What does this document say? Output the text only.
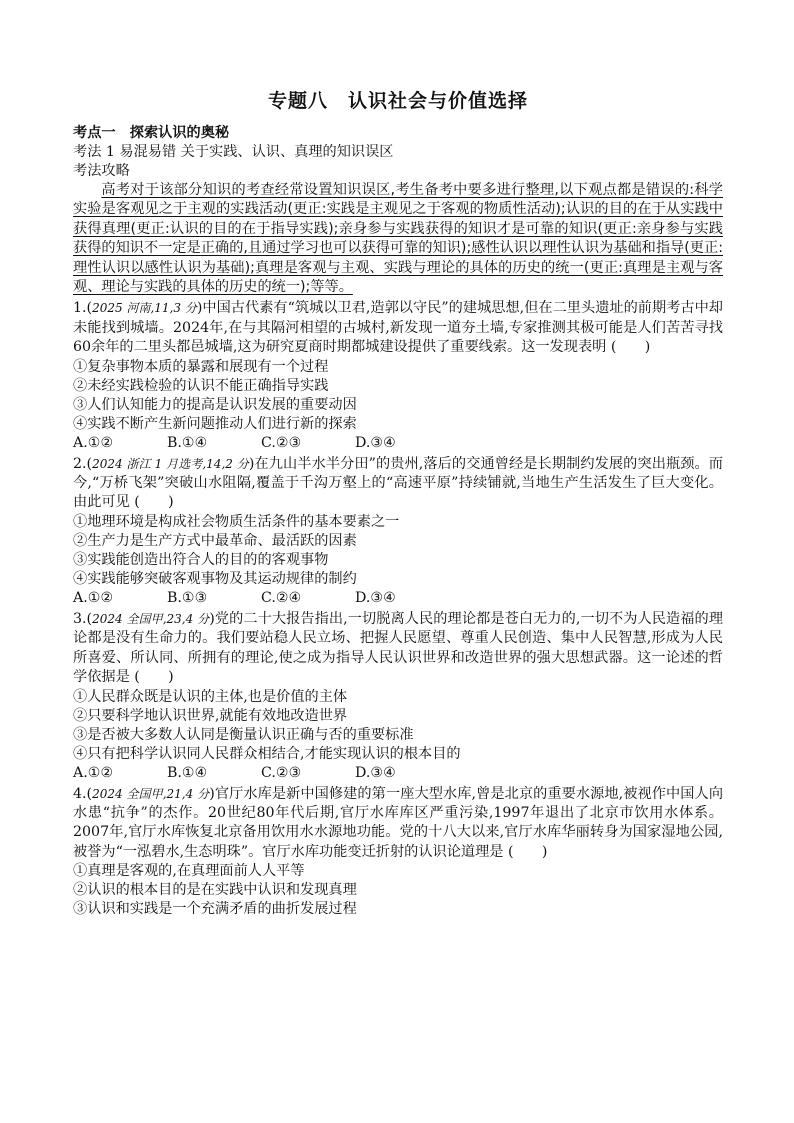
专题八　认识社会与价值选择
考点一　探索认识的奥秘
考法 1 易混易错 关于实践、认识、真理的知识误区
考法攻略
高考对于该部分知识的考查经常设置知识误区,考生备考中要多进行整理,以下观点都是错误的:科学实验是客观见之于主观的实践活动(更正:实践是主观见之于客观的物质性活动);认识的目的在于从实践中获得真理(更正:认识的目的在于指导实践);亲身参与实践获得的知识才是可靠的知识(更正:亲身参与实践获得的知识不一定是正确的,且通过学习也可以获得可靠的知识);感性认识以理性认识为基础和指导(更正:理性认识以感性认识为基础);真理是客观与主观、实践与理论的具体的历史的统一(更正:真理是主观与客观、理论与实践的具体的历史的统一);等等。
1.(2025 河南,11,3 分)中国古代素有“筑城以卫君,造郭以守民”的建城思想,但在二里头遗址的前期考古中却未能找到城墙。2024年,在与其隔河相望的古城村,新发现一道夯土墙,专家推测其极可能是人们苦苦寻找60余年的二里头都邑城墙,这为研究夏商时期都城建设提供了重要线索。这一发现表明 (　　)
①复杂事物本质的暴露和展现有一个过程
②未经实践检验的认识不能正确指导实践
③人们认知能力的提高是认识发展的重要动因
④实践不断产生新问题推动人们进行新的探索
A.①②	B.①④	C.②③	D.③④
2.(2024 浙江 1 月选考,14,2 分)在九山半水半分田”的贵州,落后的交通曾经是长期制约发展的突出瓶颈。而今,“万桥飞架”突破山水阻隔,覆盖于千沟万壑上的“高速平原”持续铺就,当地生产生活发生了巨大变化。由此可见 (　　)
①地理环境是构成社会物质生活条件的基本要素之一
②生产力是生产方式中最革命、最活跃的因素
③实践能创造出符合人的目的的客观事物
④实践能够突破客观事物及其运动规律的制约
A.①②	B.①③	C.②④	D.③④
3.(2024 全国甲,23,4 分)党的二十大报告指出,一切脱离人民的理论都是苍白无力的,一切不为人民造福的理论都是没有生命力的。我们要站稳人民立场、把握人民愿望、尊重人民创造、集中人民智慧,形成为人民所喜爱、所认同、所拥有的理论,使之成为指导人民认识世界和改造世界的强大思想武器。这一论述的哲学依据是 (　　)
①人民群众既是认识的主体,也是价值的主体
②只要科学地认识世界,就能有效地改造世界
③是否被大多数人认同是衡量认识正确与否的重要标准
④只有把科学认识同人民群众相结合,才能实现认识的根本目的
A.①②	B.①④	C.②③	D.③④
4.(2024 全国甲,21,4 分)官厅水库是新中国修建的第一座大型水库,曾是北京的重要水源地,被视作中国人向水患“抗争”的杰作。20世纪80年代后期,官厅水库库区严重污染,1997年退出了北京市饮用水体系。2007年,官厅水库恢复北京备用饮用水水源地功能。党的十八大以来,官厅水库华丽转身为国家湿地公园,被誉为“一泓碧水,生态明珠”。官厅水库功能变迁折射的认识论道理是 (　　)
①真理是客观的,在真理面前人人平等
②认识的根本目的是在实践中认识和发现真理
③认识和实践是一个充满矛盾的曲折发展过程
